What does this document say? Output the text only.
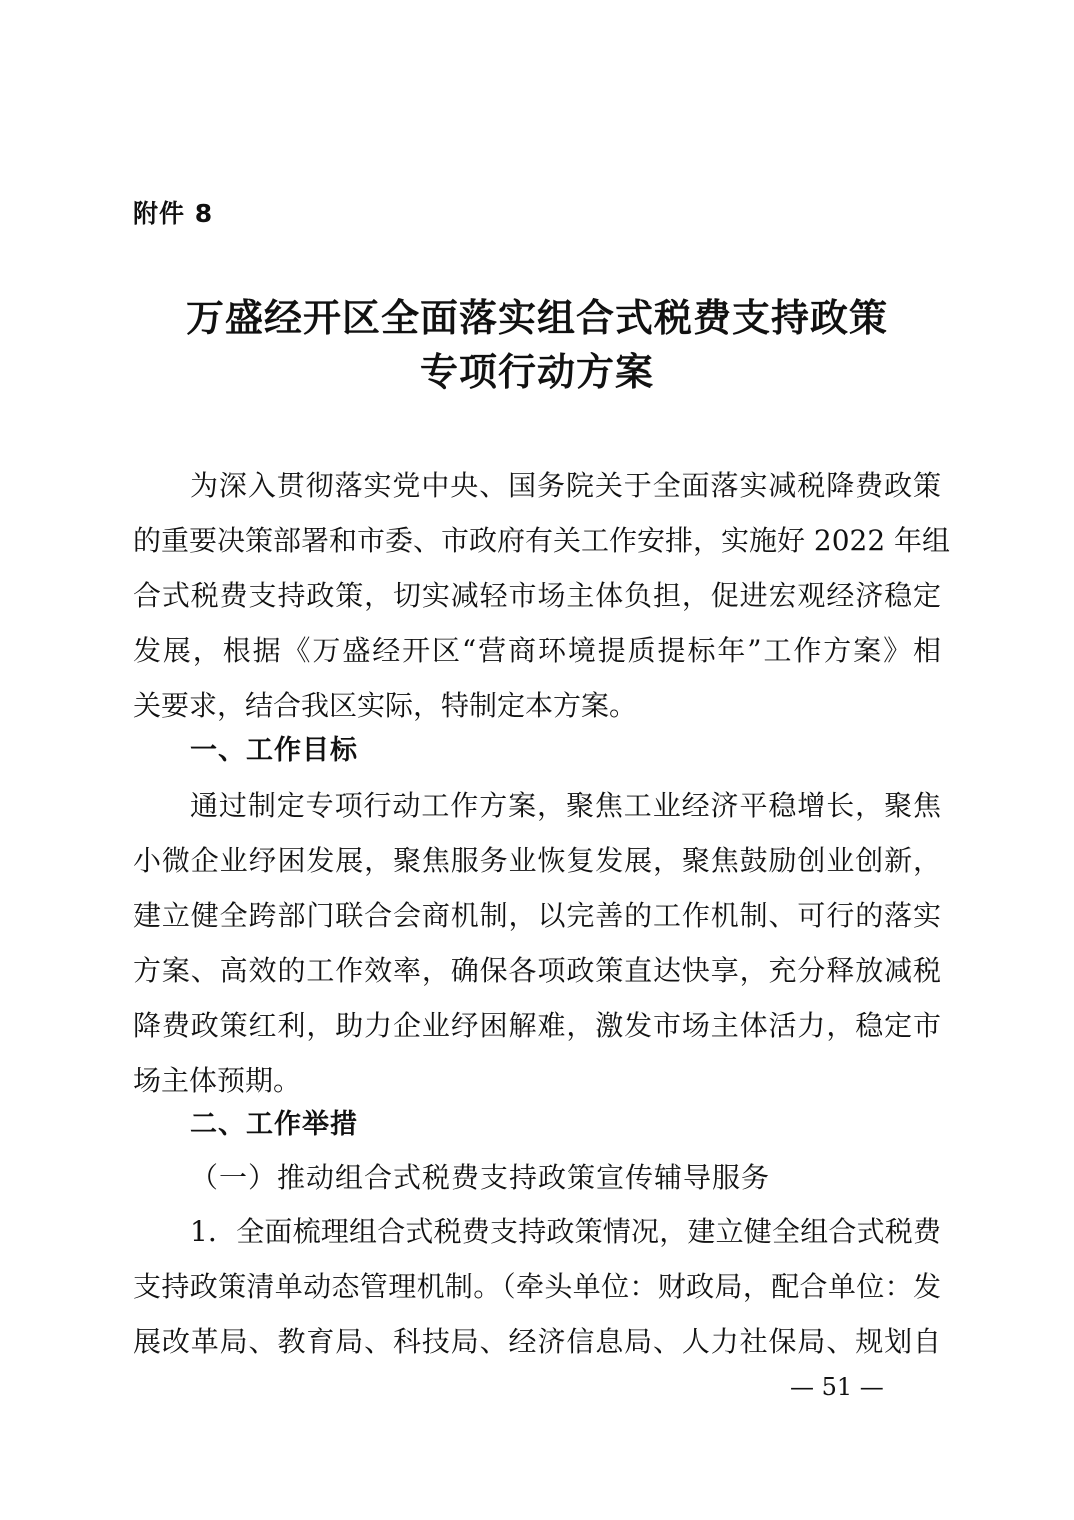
附件 8
万盛经开区全面落实组合式税费支持政策
专项行动方案
为深入贯彻落实党中央、国务院关于全面落实减税降费政策
的重要决策部署和市委、市政府有关工作安排，实施好 2022 年组
合式税费支持政策，切实减轻市场主体负担，促进宏观经济稳定
发展，根据《万盛经开区“营商环境提质提标年”工作方案》相
关要求，结合我区实际，特制定本方案。
一、工作目标
通过制定专项行动工作方案，聚焦工业经济平稳增长，聚焦
小微企业纾困发展，聚焦服务业恢复发展，聚焦鼓励创业创新，
建立健全跨部门联合会商机制，以完善的工作机制、可行的落实
方案、高效的工作效率，确保各项政策直达快享，充分释放减税
降费政策红利，助力企业纾困解难，激发市场主体活力，稳定市
场主体预期。
二、工作举措
（一）推动组合式税费支持政策宣传辅导服务
1．全面梳理组合式税费支持政策情况，建立健全组合式税费
支持政策清单动态管理机制。（牵头单位：财政局，配合单位：发
展改革局、教育局、科技局、经济信息局、人力社保局、规划自
— 51 —
